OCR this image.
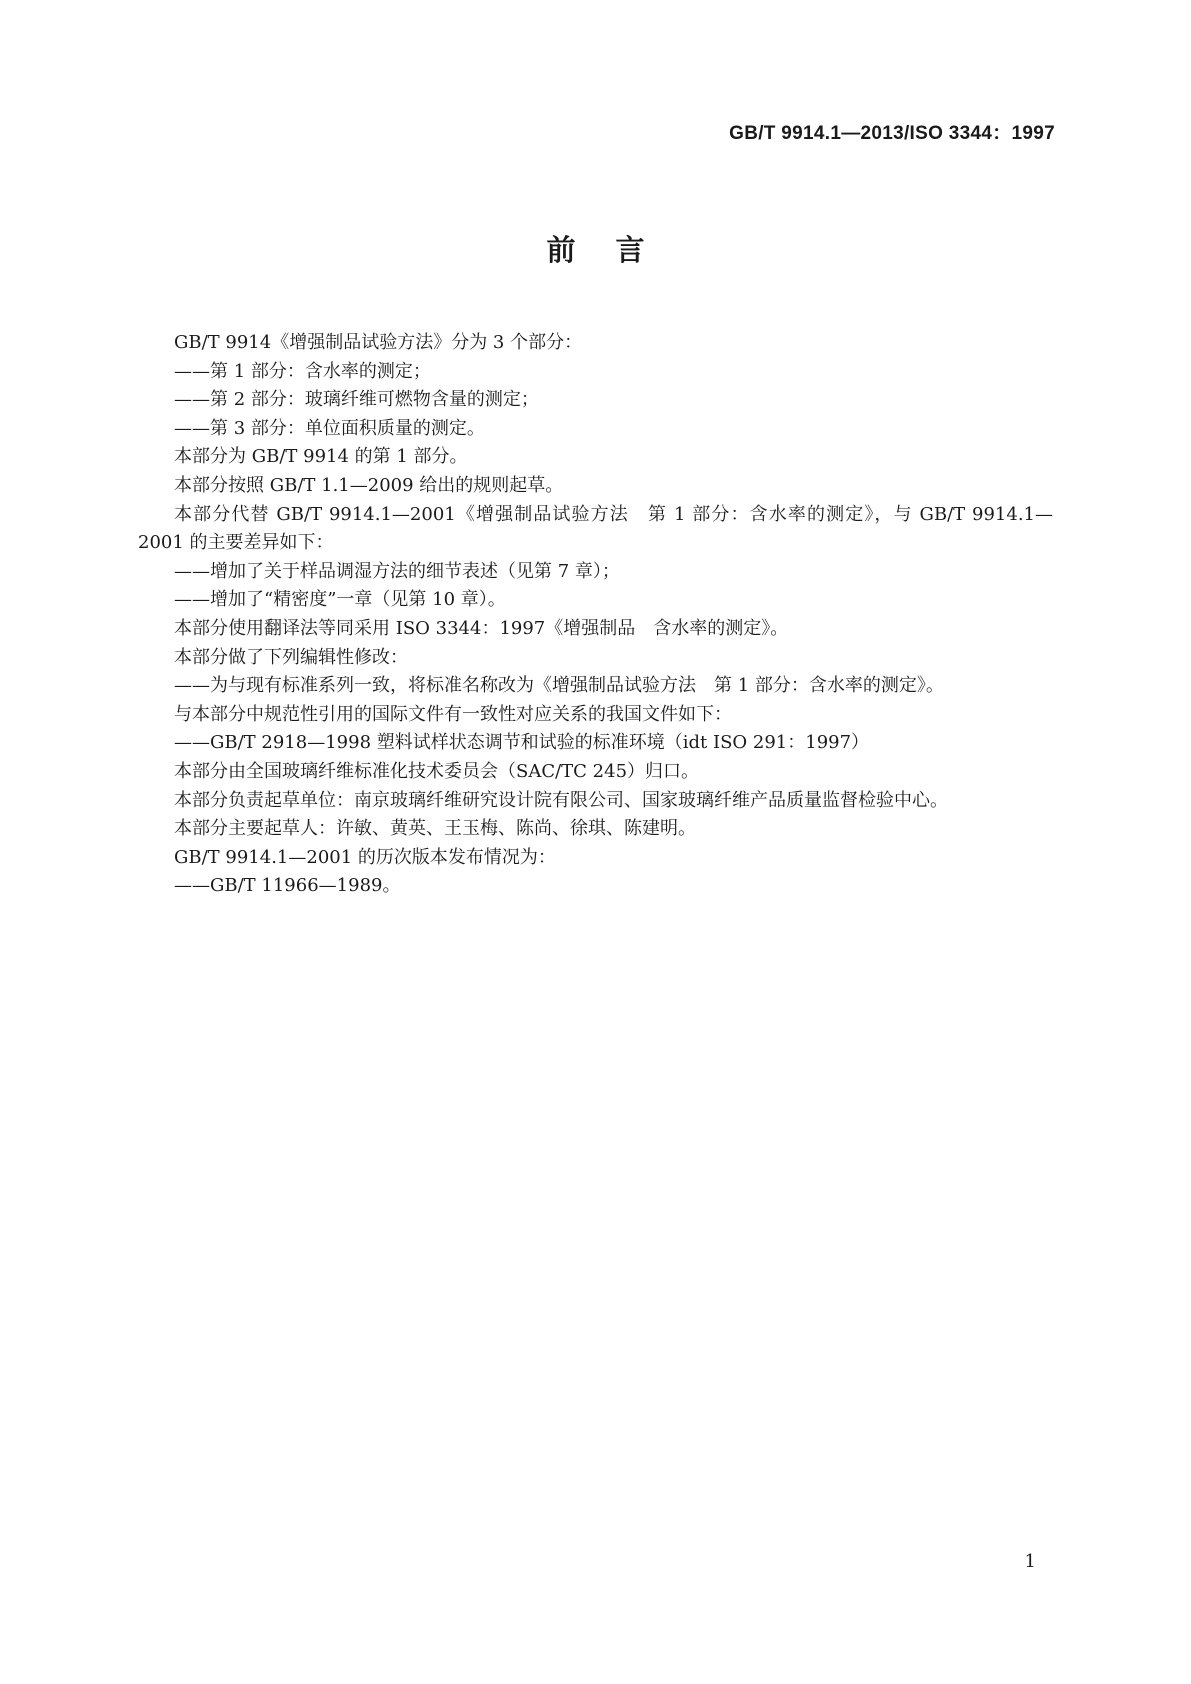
GB/T 9914.1—2013/ISO 3344：1997
前言

GB/T 9914《增强制品试验方法》分为 3 个部分：

——第 1 部分：含水率的测定；

——第 2 部分：玻璃纤维可燃物含量的测定；

——第 3 部分：单位面积质量的测定。

本部分为 GB/T 9914 的第 1 部分。

本部分按照 GB/T 1.1—2009 给出的规则起草。

本部分代替 GB/T 9914.1—2001《增强制品试验方法　第 1 部分：含水率的测定》，与 GB/T 9914.1—2001 的主要差异如下：

——增加了关于样品调湿方法的细节表述（见第 7 章）；

——增加了“精密度”一章（见第 10 章）。

本部分使用翻译法等同采用 ISO 3344：1997《增强制品　含水率的测定》。

本部分做了下列编辑性修改：

——为与现有标准系列一致，将标准名称改为《增强制品试验方法　第 1 部分：含水率的测定》。

与本部分中规范性引用的国际文件有一致性对应关系的我国文件如下：

——GB/T 2918—1998 塑料试样状态调节和试验的标准环境（idt ISO 291：1997）

本部分由全国玻璃纤维标准化技术委员会（SAC/TC 245）归口。

本部分负责起草单位：南京玻璃纤维研究设计院有限公司、国家玻璃纤维产品质量监督检验中心。

本部分主要起草人：许敏、黄英、王玉梅、陈尚、徐琪、陈建明。

GB/T 9914.1—2001 的历次版本发布情况为：

——GB/T 11966—1989。

1
